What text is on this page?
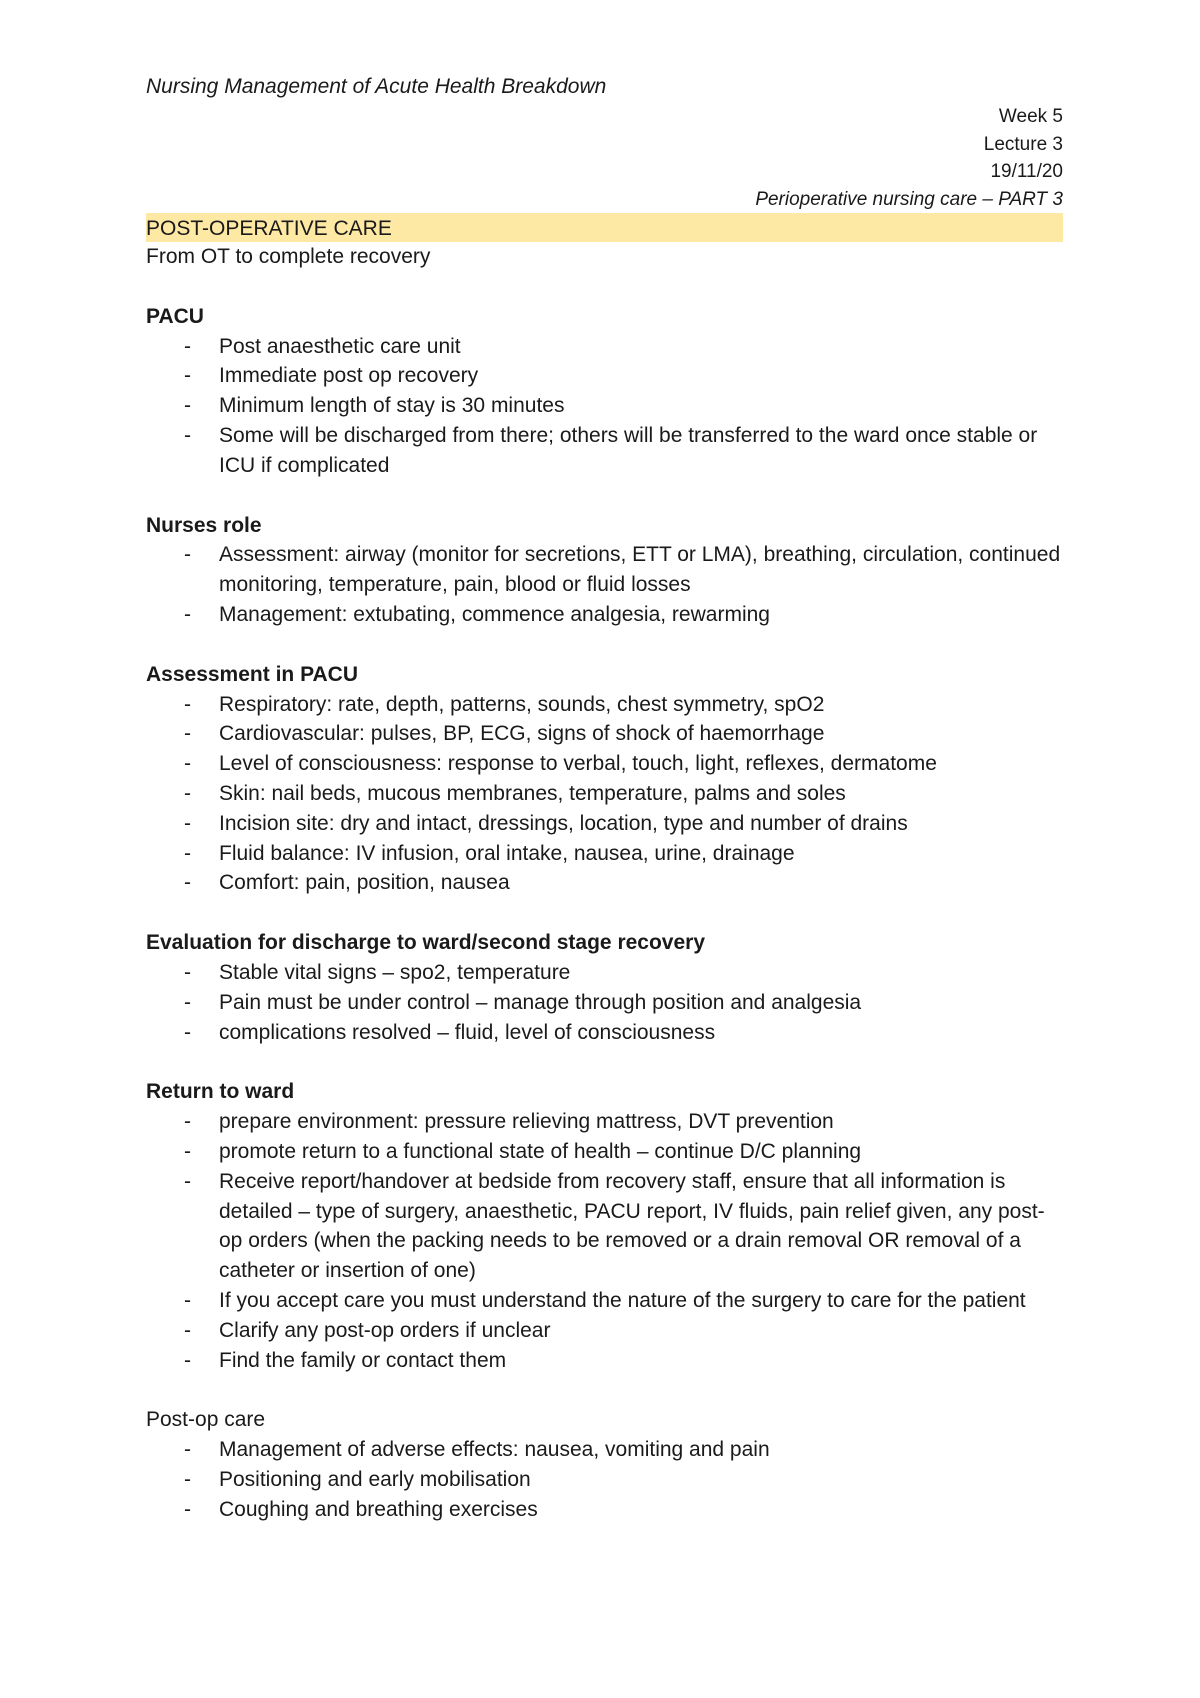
Nursing Management of Acute Health Breakdown
Week 5
Lecture 3
19/11/20
Perioperative nursing care – PART 3
POST-OPERATIVE CARE

From OT to complete recovery

PACU

- Post anaesthetic care unit
- Immediate post op recovery
- Minimum length of stay is 30 minutes
- Some will be discharged from there; others will be transferred to the ward once stable or ICU if complicated

Nurses role

- Assessment: airway (monitor for secretions, ETT or LMA), breathing, circulation, continued monitoring, temperature, pain, blood or fluid losses
- Management: extubating, commence analgesia, rewarming

Assessment in PACU

- Respiratory: rate, depth, patterns, sounds, chest symmetry, spO2
- Cardiovascular: pulses, BP, ECG, signs of shock of haemorrhage
- Level of consciousness: response to verbal, touch, light, reflexes, dermatome
- Skin: nail beds, mucous membranes, temperature, palms and soles
- Incision site: dry and intact, dressings, location, type and number of drains
- Fluid balance: IV infusion, oral intake, nausea, urine, drainage
- Comfort: pain, position, nausea

Evaluation for discharge to ward/second stage recovery

- Stable vital signs – spo2, temperature
- Pain must be under control – manage through position and analgesia
- complications resolved – fluid, level of consciousness

Return to ward

- prepare environment: pressure relieving mattress, DVT prevention
- promote return to a functional state of health – continue D/C planning
- Receive report/handover at bedside from recovery staff, ensure that all information is detailed – type of surgery, anaesthetic, PACU report, IV fluids, pain relief given, any post-op orders (when the packing needs to be removed or a drain removal OR removal of a catheter or insertion of one)
- If you accept care you must understand the nature of the surgery to care for the patient
- Clarify any post-op orders if unclear
- Find the family or contact them

Post-op care

- Management of adverse effects: nausea, vomiting and pain
- Positioning and early mobilisation
- Coughing and breathing exercises
